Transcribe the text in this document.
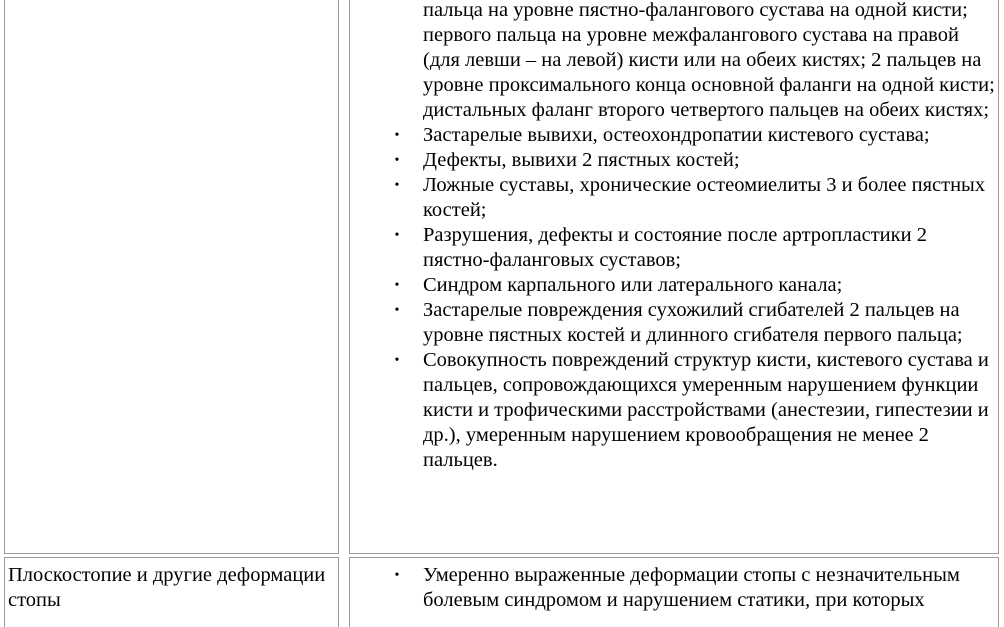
пальца на уровне пястно-фалангового сустава на одной кисти; первого пальца на уровне межфалангового сустава на правой (для левши – на левой) кисти или на обеих кистях; 2 пальцев на уровне проксимального конца основной фаланги на одной кисти; дистальных фаланг второго четвертого пальцев на обеих кистях;
• Застарелые вывихи, остеохондропатии кистевого сустава;
• Дефекты, вывихи 2 пястных костей;
• Ложные суставы, хронические остеомиелиты 3 и более пястных костей;
• Разрушения, дефекты и состояние после артропластики 2 пястно-фаланговых суставов;
• Синдром карпального или латерального канала;
• Застарелые повреждения сухожилий сгибателей 2 пальцев на уровне пястных костей и длинного сгибателя первого пальца;
• Совокупность повреждений структур кисти, кистевого сустава и пальцев, сопровождающихся умеренным нарушением функции кисти и трофическими расстройствами (анестезии, гипестезии и др.), умеренным нарушением кровообращения не менее 2 пальцев.
Плоскостопие и другие деформации стопы
• Умеренно выраженные деформации стопы с незначительным болевым синдромом и нарушением статики, при которых
